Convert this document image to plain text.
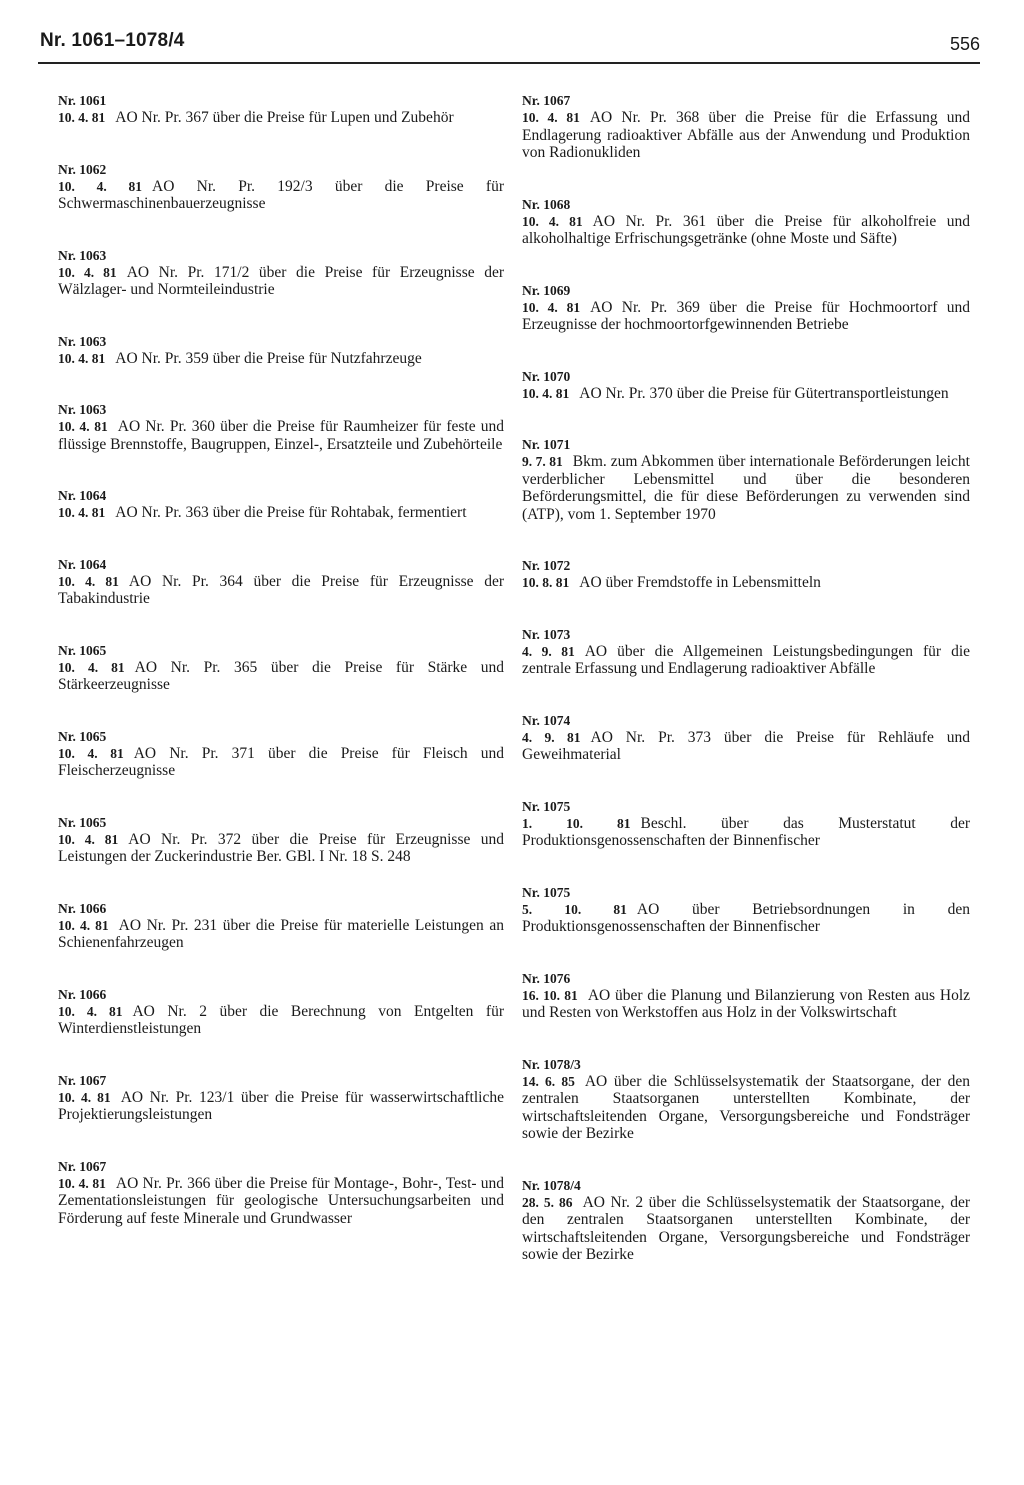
Nr. 1061–1078/4	556
Nr. 1061
10. 4. 81 AO Nr. Pr. 367 über die Preise für Lupen und Zubehör
Nr. 1062
10. 4. 81 AO Nr. Pr. 192/3 über die Preise für Schwermaschinenbauerzeugnisse
Nr. 1063
10. 4. 81 AO Nr. Pr. 171/2 über die Preise für Erzeugnisse der Wälzlager- und Normteileindustrie
Nr. 1063
10. 4. 81 AO Nr. Pr. 359 über die Preise für Nutzfahrzeuge
Nr. 1063
10. 4. 81 AO Nr. Pr. 360 über die Preise für Raumheizer für feste und flüssige Brennstoffe, Baugruppen, Einzel-, Ersatzteile und Zubehörteile
Nr. 1064
10. 4. 81 AO Nr. Pr. 363 über die Preise für Rohtabak, fermentiert
Nr. 1064
10. 4. 81 AO Nr. Pr. 364 über die Preise für Erzeugnisse der Tabakindustrie
Nr. 1065
10. 4. 81 AO Nr. Pr. 365 über die Preise für Stärke und Stärkeerzeugnisse
Nr. 1065
10. 4. 81 AO Nr. Pr. 371 über die Preise für Fleisch und Fleischerzeugnisse
Nr. 1065
10. 4. 81 AO Nr. Pr. 372 über die Preise für Erzeugnisse und Leistungen der Zuckerindustrie Ber. GBl. I Nr. 18 S. 248
Nr. 1066
10. 4. 81 AO Nr. Pr. 231 über die Preise für materielle Leistungen an Schienenfahrzeugen
Nr. 1066
10. 4. 81 AO Nr. 2 über die Berechnung von Entgelten für Winterdienstleistungen
Nr. 1067
10. 4. 81 AO Nr. Pr. 123/1 über die Preise für wasserwirtschaftliche Projektierungsleistungen
Nr. 1067
10. 4. 81 AO Nr. Pr. 366 über die Preise für Montage-, Bohr-, Test- und Zementationsleistungen für geologische Untersuchungsarbeiten und Förderung auf feste Minerale und Grundwasser
Nr. 1067
10. 4. 81 AO Nr. Pr. 368 über die Preise für die Erfassung und Endlagerung radioaktiver Abfälle aus der Anwendung und Produktion von Radionukliden
Nr. 1068
10. 4. 81 AO Nr. Pr. 361 über die Preise für alkoholfreie und alkoholhaltige Erfrischungsgetränke (ohne Moste und Säfte)
Nr. 1069
10. 4. 81 AO Nr. Pr. 369 über die Preise für Hochmoortorf und Erzeugnisse der hochmoortorfgewinnenden Betriebe
Nr. 1070
10. 4. 81 AO Nr. Pr. 370 über die Preise für Gütertransportleistungen
Nr. 1071
9. 7. 81 Bkm. zum Abkommen über internationale Beförderungen leicht verderblicher Lebensmittel und über die besonderen Beförderungsmittel, die für diese Beförderungen zu verwenden sind (ATP), vom 1. September 1970
Nr. 1072
10. 8. 81 AO über Fremdstoffe in Lebensmitteln
Nr. 1073
4. 9. 81 AO über die Allgemeinen Leistungsbedingungen für die zentrale Erfassung und Endlagerung radioaktiver Abfälle
Nr. 1074
4. 9. 81 AO Nr. Pr. 373 über die Preise für Rehläufe und Geweihmaterial
Nr. 1075
1. 10. 81 Beschl. über das Musterstatut der Produktionsgenossenschaften der Binnenfischer
Nr. 1075
5. 10. 81 AO über Betriebsordnungen in den Produktionsgenossenschaften der Binnenfischer
Nr. 1076
16. 10. 81 AO über die Planung und Bilanzierung von Resten aus Holz und Resten von Werkstoffen aus Holz in der Volkswirtschaft
Nr. 1078/3
14. 6. 85 AO über die Schlüsselsystematik der Staatsorgane, der den zentralen Staatsorganen unterstellten Kombinate, der wirtschaftsleitenden Organe, Versorgungsbereiche und Fondsträger sowie der Bezirke
Nr. 1078/4
28. 5. 86 AO Nr. 2 über die Schlüsselsystematik der Staatsorgane, der den zentralen Staatsorganen unterstellten Kombinate, der wirtschaftsleitenden Organe, Versorgungsbereiche und Fondsträger sowie der Bezirke
